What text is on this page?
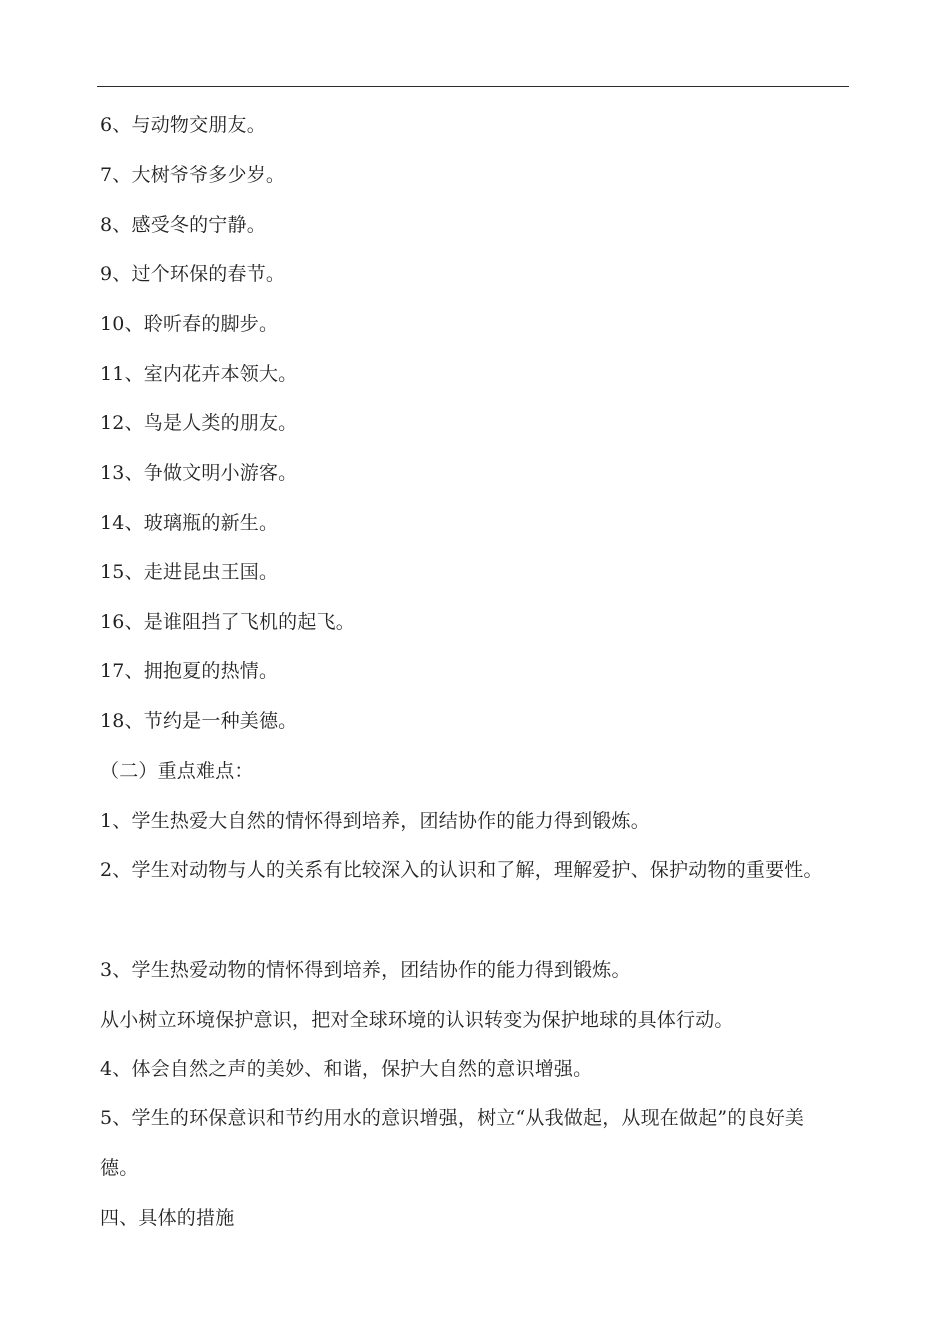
6、与动物交朋友。
7、大树爷爷多少岁。
8、感受冬的宁静。
9、过个环保的春节。
10、聆听春的脚步。
11、室内花卉本领大。
12、鸟是人类的朋友。
13、争做文明小游客。
14、玻璃瓶的新生。
15、走进昆虫王国。
16、是谁阻挡了飞机的起飞。
17、拥抱夏的热情。
18、节约是一种美德。
（二）重点难点：
1、学生热爱大自然的情怀得到培养，团结协作的能力得到锻炼。
2、学生对动物与人的关系有比较深入的认识和了解，理解爱护、保护动物的重要性。
3、学生热爱动物的情怀得到培养，团结协作的能力得到锻炼。
从小树立环境保护意识，把对全球环境的认识转变为保护地球的具体行动。
4、体会自然之声的美妙、和谐，保护大自然的意识增强。
5、学生的环保意识和节约用水的意识增强，树立“从我做起，从现在做起”的良好美德。
四、具体的措施
